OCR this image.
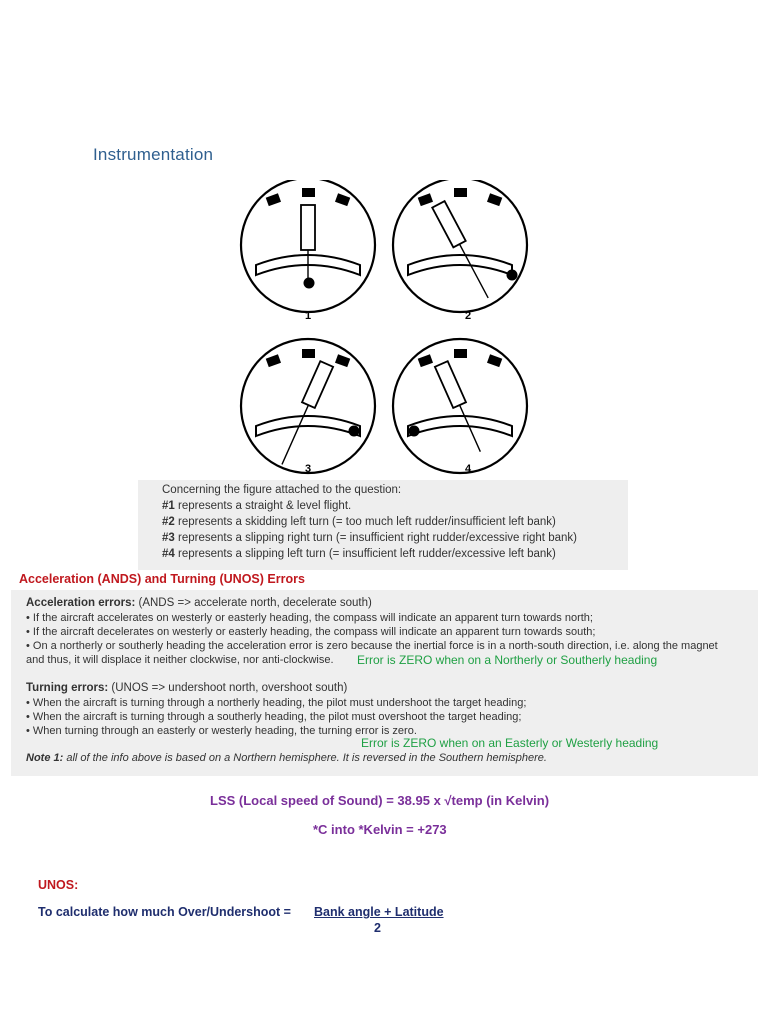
Instrumentation
1	2
3	4
Concerning the figure attached to the question:
#1 represents a straight & level flight.
#2 represents a skidding left turn (= too much left rudder/insufficient left bank)
#3 represents a slipping right turn (= insufficient right rudder/excessive right bank)
#4 represents a slipping left turn (= insufficient left rudder/excessive left bank)
Acceleration (ANDS) and Turning (UNOS) Errors
Acceleration errors: (ANDS => accelerate north, decelerate south)
• If the aircraft accelerates on westerly or easterly heading, the compass will indicate an apparent turn towards north;
• If the aircraft decelerates on westerly or easterly heading, the compass will indicate an apparent turn towards south;
• On a northerly or southerly heading the acceleration error is zero because the inertial force is in a north-south direction, i.e. along the magnet
and thus, it will displace it neither clockwise, nor anti-clockwise. Error is ZERO when on a Northerly or Southerly heading
Turning errors: (UNOS => undershoot north, overshoot south)
• When the aircraft is turning through a northerly heading, the pilot must undershoot the target heading;
• When the aircraft is turning through a southerly heading, the pilot must overshoot the target heading;
• When turning through an easterly or westerly heading, the turning error is zero.
Error is ZERO when on an Easterly or Westerly heading
Note 1: all of the info above is based on a Northern hemisphere. It is reversed in the Southern hemisphere.
LSS (Local speed of Sound) = 38.95 x √temp (in Kelvin)
*C into *Kelvin = +273
UNOS:
To calculate how much Over/Undershoot = Bank angle + Latitude
2
